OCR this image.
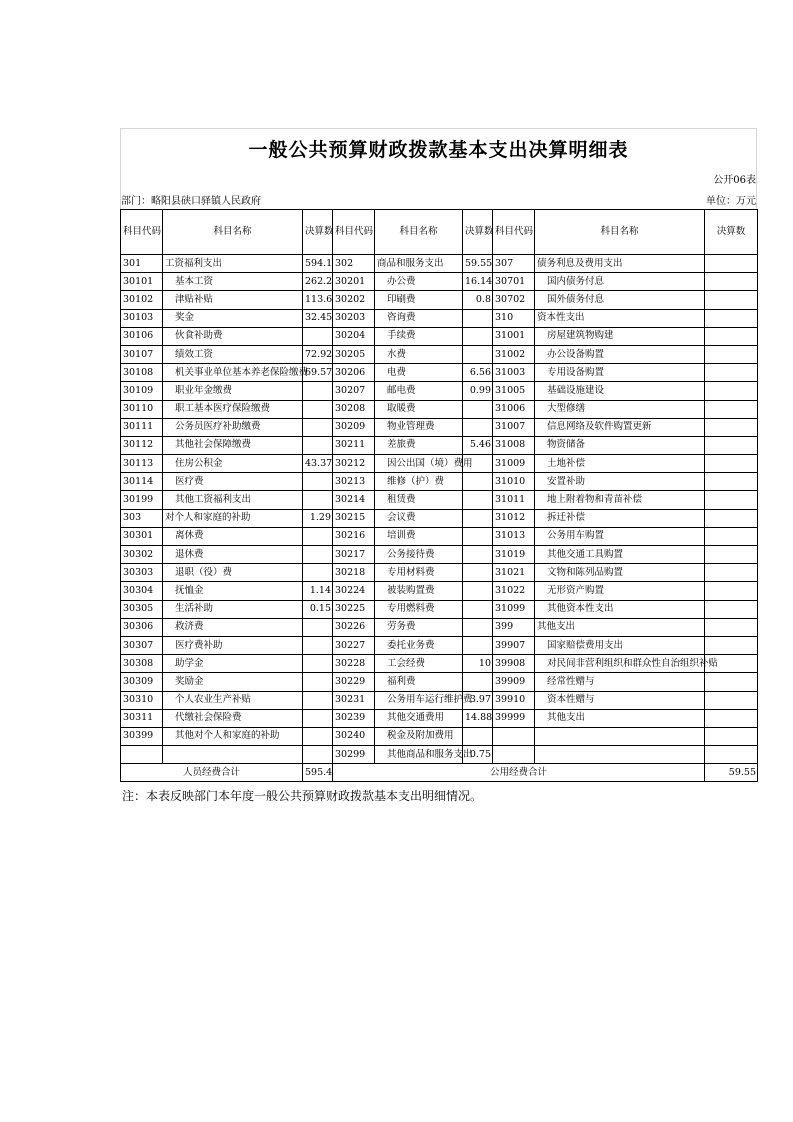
一般公共预算财政拨款基本支出决算明细表
公开06表
部门：略阳县硖口驿镇人民政府	单位：万元
科目代码	科目名称	决算数	科目代码	科目名称	决算数	科目代码	科目名称	决算数
301	工资福利支出	594.1	302	商品和服务支出	59.55	307	债务利息及费用支出	
30101	基本工资	262.2	30201	办公费	16.14	30701	国内债务付息	
30102	津贴补贴	113.6	30202	印刷费	0.8	30702	国外债务付息	
30103	奖金	32.45	30203	咨询费		310	资本性支出	
30106	伙食补助费		30204	手续费		31001	房屋建筑物购建	
30107	绩效工资	72.92	30205	水费		31002	办公设备购置	
30108	机关事业单位基本养老保险缴费	69.57	30206	电费	6.56	31003	专用设备购置	
30109	职业年金缴费		30207	邮电费	0.99	31005	基础设施建设	
30110	职工基本医疗保险缴费		30208	取暖费		31006	大型修缮	
30111	公务员医疗补助缴费		30209	物业管理费		31007	信息网络及软件购置更新	
30112	其他社会保障缴费		30211	差旅费	5.46	31008	物资储备	
30113	住房公积金	43.37	30212	因公出国（境）费用		31009	土地补偿	
30114	医疗费		30213	维修（护）费		31010	安置补助	
30199	其他工资福利支出		30214	租赁费		31011	地上附着物和青苗补偿	
303	对个人和家庭的补助	1.29	30215	会议费		31012	拆迁补偿	
30301	离休费		30216	培训费		31013	公务用车购置	
30302	退休费		30217	公务接待费		31019	其他交通工具购置	
30303	退职（役）费		30218	专用材料费		31021	文物和陈列品购置	
30304	抚恤金	1.14	30224	被装购置费		31022	无形资产购置	
30305	生活补助	0.15	30225	专用燃料费		31099	其他资本性支出	
30306	救济费		30226	劳务费		399	其他支出	
30307	医疗费补助		30227	委托业务费		39907	国家赔偿费用支出	
30308	助学金		30228	工会经费	10	39908	对民间非营利组织和群众性自治组织补贴	
30309	奖励金		30229	福利费		39909	经常性赠与	
30310	个人农业生产补贴		30231	公务用车运行维护费	3.97	39910	资本性赠与	
30311	代缴社会保险费		30239	其他交通费用	14.88	39999	其他支出	
30399	其他对个人和家庭的补助		30240	税金及附加费用				
			30299	其他商品和服务支出	0.75			
人员经费合计		595.4	公用经费合计					59.55
注：本表反映部门本年度一般公共预算财政拨款基本支出明细情况。
